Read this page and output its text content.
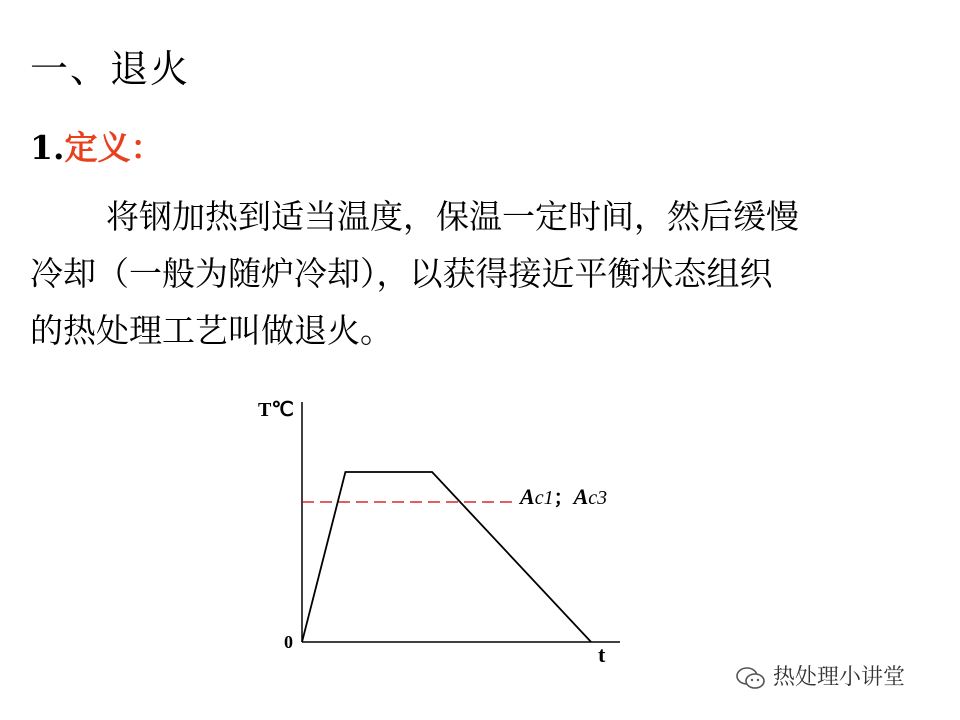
一、退火
1.定义：
将钢加热到适当温度，保温一定时间，然后缓慢
冷却（一般为随炉冷却），以获得接近平衡状态组织
的热处理工艺叫做退火。
T℃
t
0
Ac1；Ac3
热处理小讲堂
